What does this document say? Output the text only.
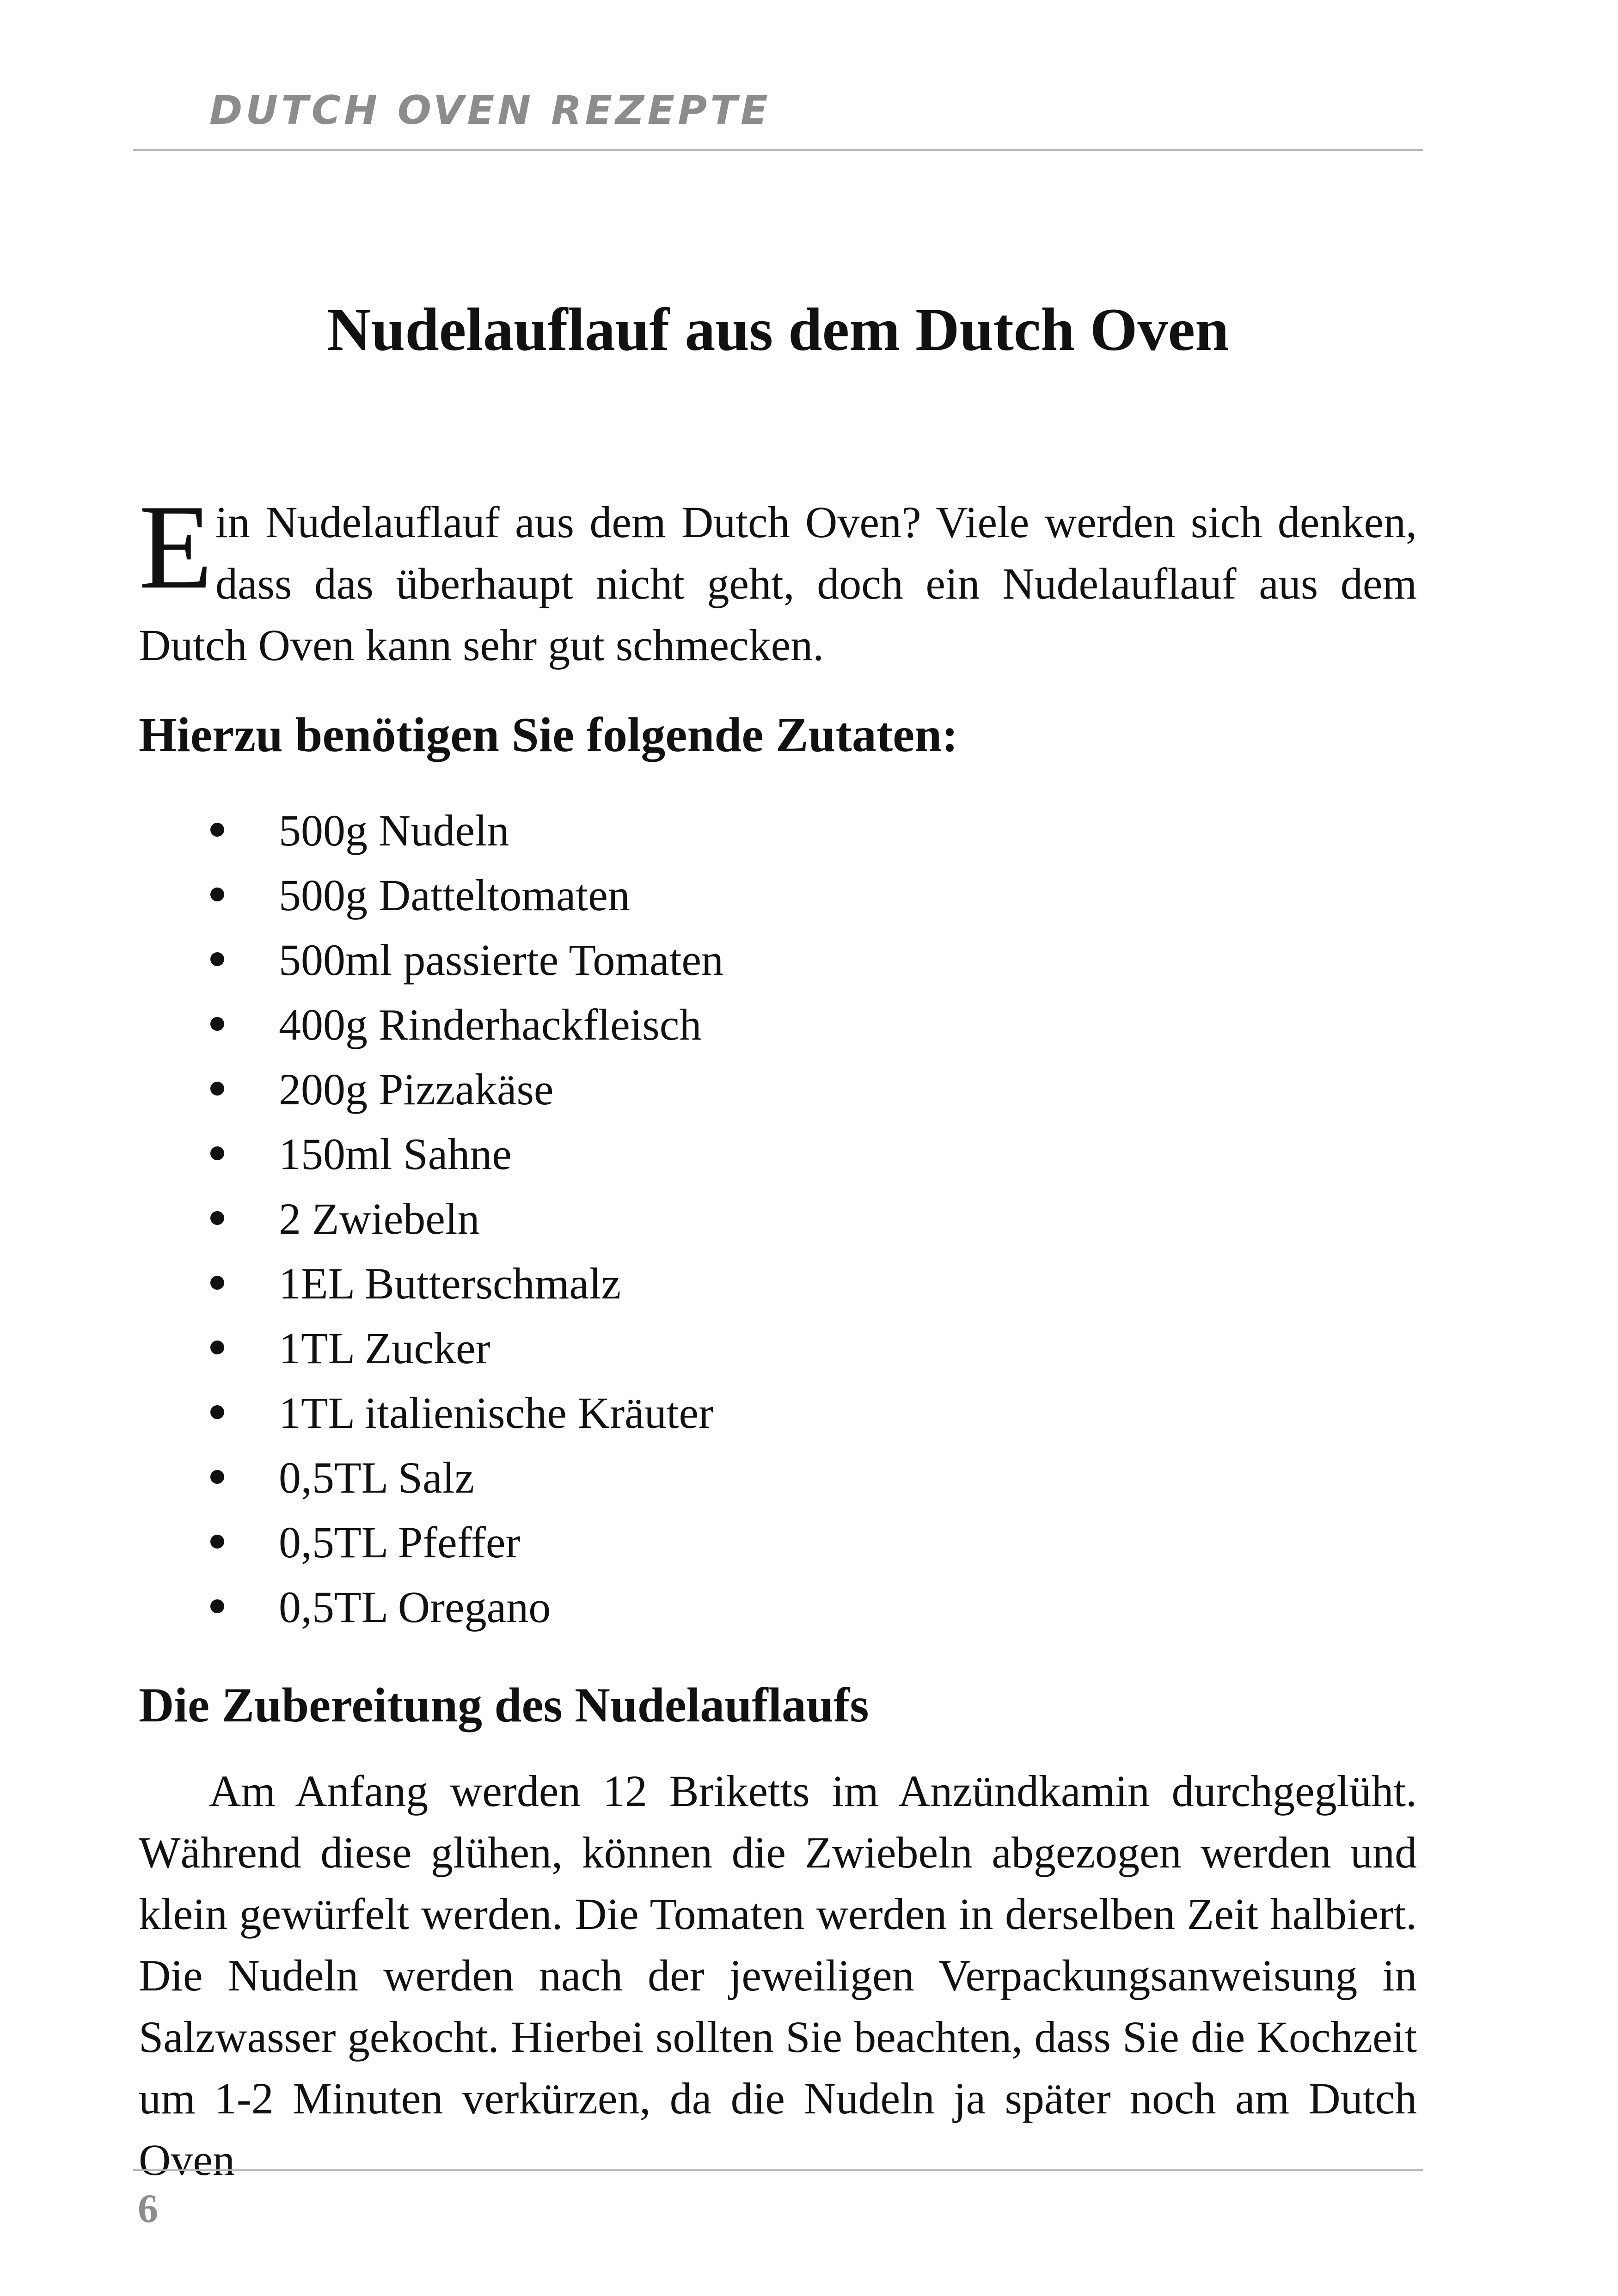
DUTCH OVEN REZEPTE
Nudelauflauf aus dem Dutch Oven
E in Nudelauflauf aus dem Dutch Oven? Viele werden sich denken, dass das überhaupt nicht geht, doch ein Nudelauflauf aus dem Dutch Oven kann sehr gut schmecken.
Hierzu benötigen Sie folgende Zutaten:
500g Nudeln
500g Datteltomaten
500ml passierte Tomaten
400g Rinderhackfleisch
200g Pizzakäse
150ml Sahne
2 Zwiebeln
1EL Butterschmalz
1TL Zucker
1TL italienische Kräuter
0,5TL Salz
0,5TL Pfeffer
0,5TL Oregano
Die Zubereitung des Nudelauflaufs

Am Anfang werden 12 Briketts im Anzündkamin durchgeglüht. Während diese glühen, können die Zwiebeln abgezogen werden und klein gewürfelt werden. Die Tomaten werden in derselben Zeit halbiert. Die Nudeln werden nach der jeweiligen Verpackungsanweisung in Salzwasser gekocht. Hierbei sollten Sie beachten, dass Sie die Kochzeit um 1-2 Minuten verkürzen, da die Nudeln ja später noch am Dutch Oven

6
